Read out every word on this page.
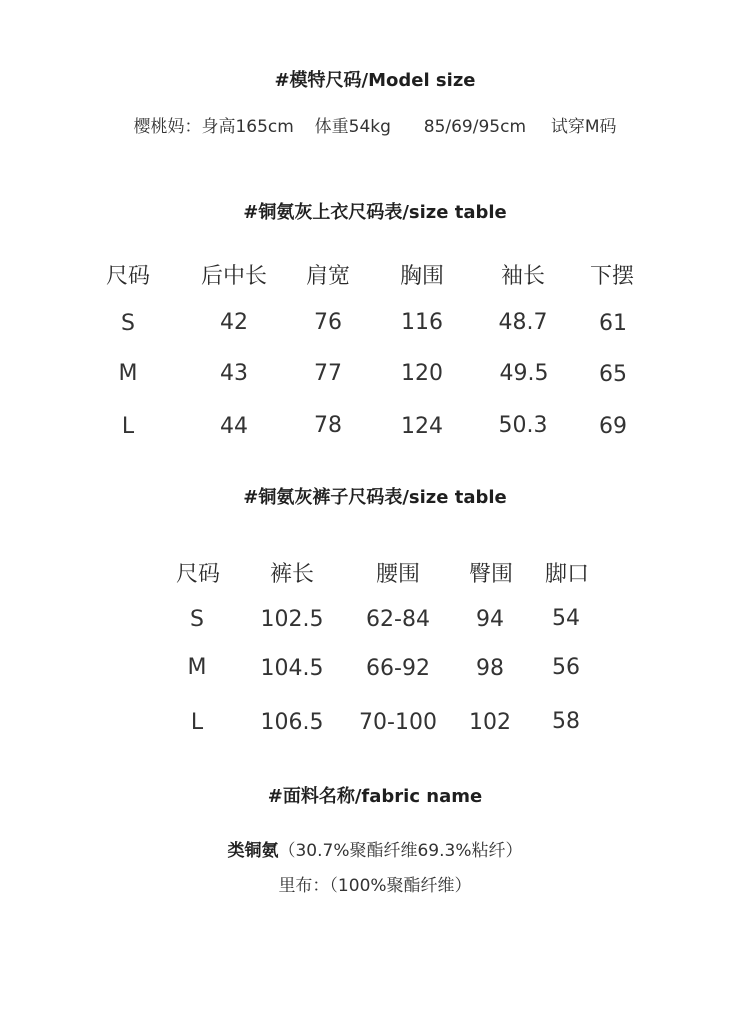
#模特尺码/Model size
樱桃妈：身高165cm 体重54kg 85/69/95cm 试穿M码
#铜氨灰上衣尺码表/size table
尺码 后中长 肩宽 胸围	袖长 下摆
S	42	76	116	48.7 61
M	43	77	120	49.5 65
L	44	78	124	50.3 69
#铜氨灰裤子尺码表/size table
尺码 裤长	腰围 臀围 脚口
S	102.5 62-84 94 54
M 104.5 66-92 98 56
L	106.5 70-100 102 58
#面料名称/fabric name
类铜氨（30.7%聚酯纤维69.3%粘纤）
里布：（100%聚酯纤维）
